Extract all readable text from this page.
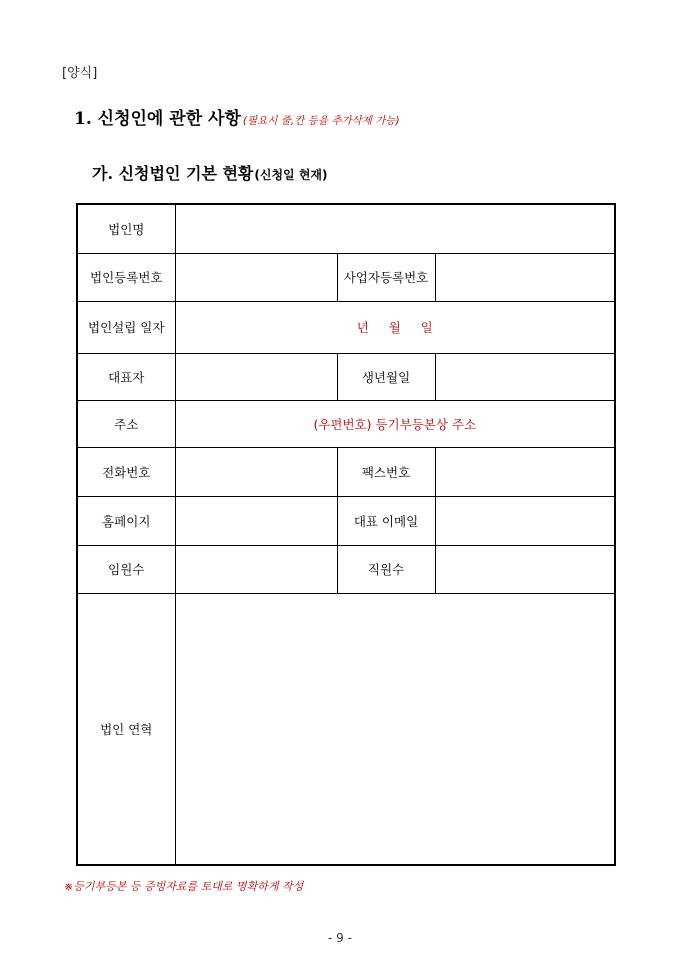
[양식]
1. 신청인에 관한 사항 (필요시 줄,칸 등을 추가삭제 가능)
가. 신청법인 기본 현황(신청일 현재)
법인명			
법인등록번호		사업자등록번호	
법인설립 일자	년     월     일		
대표자		생년월일	
주소	(우편번호) 등기부등본상 주소		
전화번호		팩스번호	
홈페이지		대표 이메일	
임원수		직원수	
법인 연혁			
※등기부등본 등 증빙자료를 토대로 명확하게 작성
- 9 -
